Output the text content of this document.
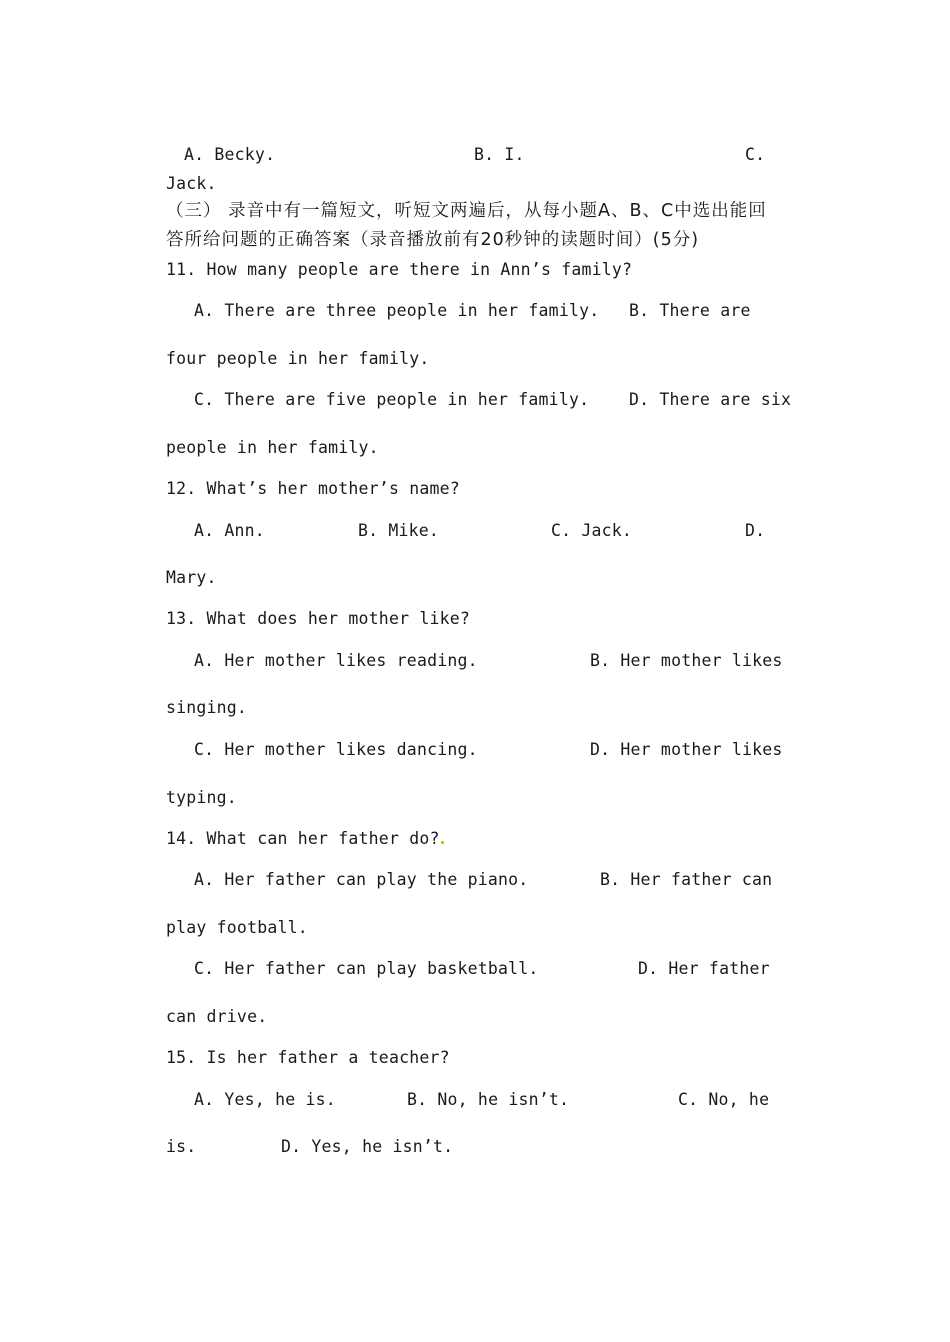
A. Becky.	B. I.	C.
Jack.
（三） 录音中有一篇短文，听短文两遍后，从每小题A、B、C中选出能回
答所给问题的正确答案（录音播放前有20秒钟的读题时间）(5分)
11. How many people are there in Ann’s family?
A. There are three people in her family. B. There are
four people in her family.
C. There are five people in her family. D. There are six
people in her family.
12. What’s her mother’s name?
A. Ann.	B. Mike.	C. Jack.	D.
Mary.
13. What does her mother like?
A. Her mother likes reading.	B. Her mother likes
singing.
C. Her mother likes dancing.	D. Her mother likes
typing.
14. What can her father do?
A. Her father can play the piano.	B. Her father can
play football.
C. Her father can play basketball.	D. Her father
can drive.
15. Is her father a teacher?
A. Yes, he is.	B. No, he isn’t.	C. No, he
is.	D. Yes, he isn’t.
